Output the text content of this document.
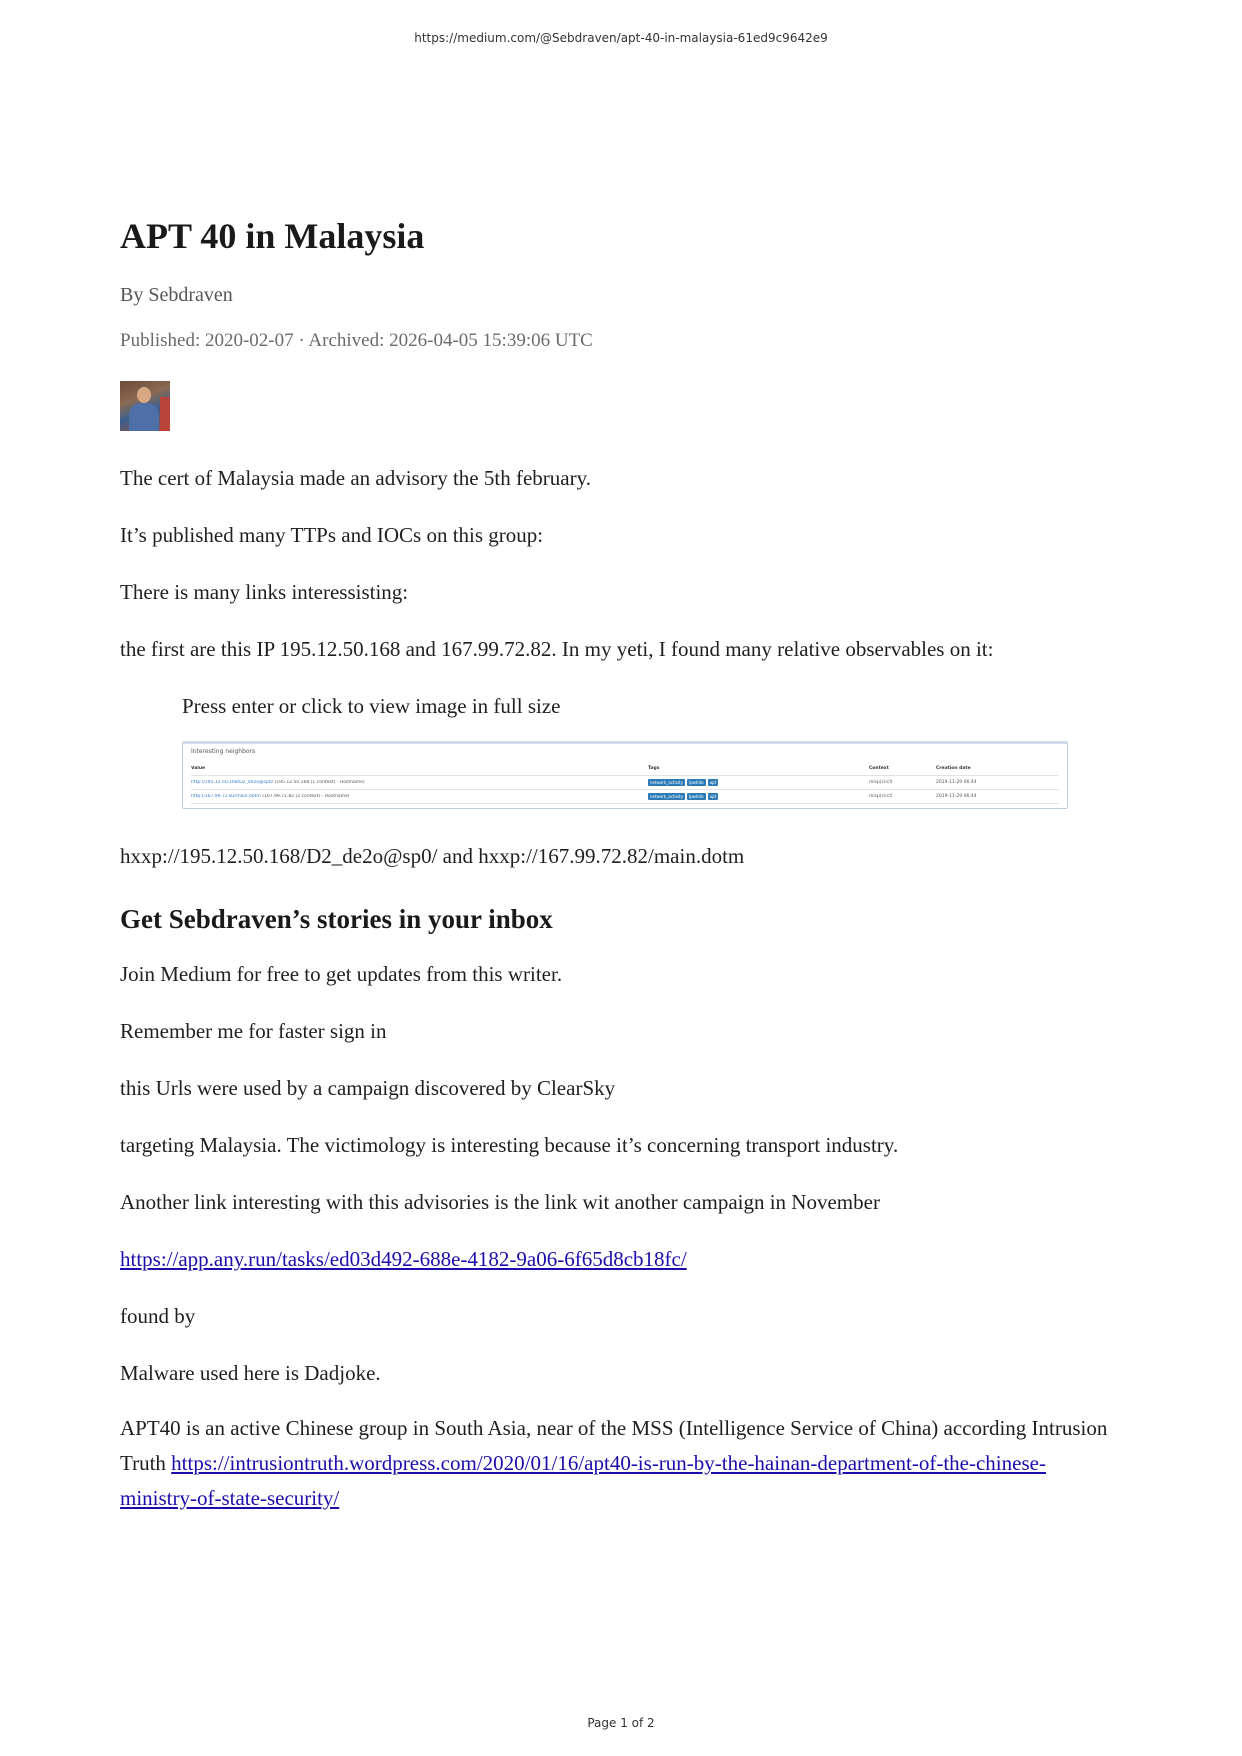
https://medium.com/@Sebdraven/apt-40-in-malaysia-61ed9c9642e9
APT 40 in Malaysia
By Sebdraven
Published: 2020-02-07 · Archived: 2026-04-05 15:39:06 UTC

The cert of Malaysia made an advisory the 5th february.

It’s published many TTPs and IOCs on this group:

There is many links interessisting:

the first are this IP 195.12.50.168 and 167.99.72.82. In my yeti, I found many relative observables on it:

Press enter or click to view image in full size
Interesting neighbors
Value	Tags	Context	Creation date
http://195.12.50.168/D2_de2o@sp0/ (195.12.50.168 (1 context) - Hostname)	network_activity	lpwhite	apt	misp(circl)	2019-11-29 06:44
http://167.99.72.82/main.dotm (167.99.72.82 (2 context) - Hostname)	network_activity	lpwhite	apt	misp(circl)	2019-11-29 06:44

hxxp://195.12.50.168/D2_de2o@sp0/ and hxxp://167.99.72.82/main.dotm

Get Sebdraven’s stories in your inbox

Join Medium for free to get updates from this writer.

Remember me for faster sign in

this Urls were used by a campaign discovered by ClearSky

targeting Malaysia. The victimology is interesting because it’s concerning transport industry.

Another link interesting with this advisories is the link wit another campaign in November

https://app.any.run/tasks/ed03d492-688e-4182-9a06-6f65d8cb18fc/

found by

Malware used here is Dadjoke.

APT40 is an active Chinese group in South Asia, near of the MSS (Intelligence Service of China) according Intrusion Truth https://intrusiontruth.wordpress.com/2020/01/16/apt40-is-run-by-the-hainan-department-of-the-chinese-ministry-of-state-security/

Page 1 of 2
